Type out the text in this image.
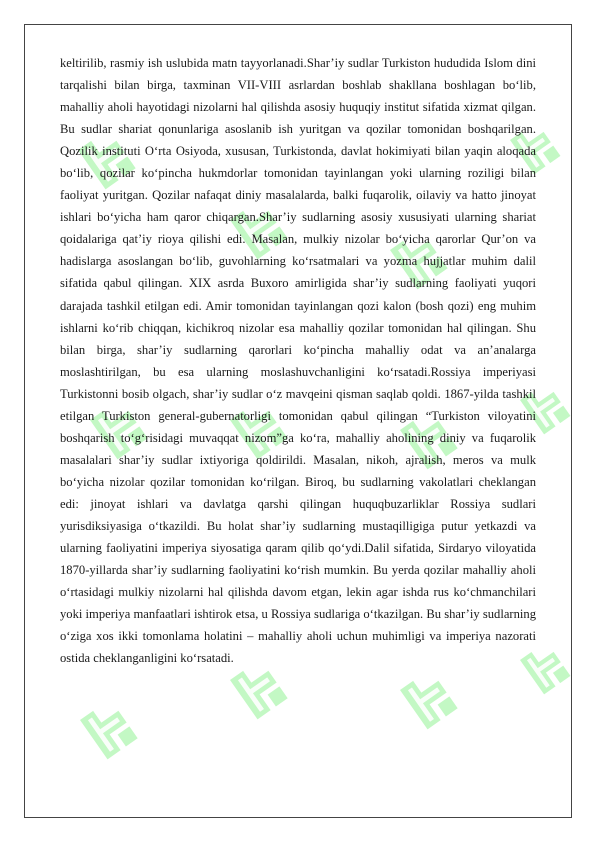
keltirilib, rasmiy ish uslubida matn tayyorlanadi.Shar’iy sudlar Turkiston hududida Islom dini tarqalishi bilan birga, taxminan VII-VIII asrlardan boshlab shakllana boshlagan bo‘lib, mahalliy aholi hayotidagi nizolarni hal qilishda asosiy huquqiy institut sifatida xizmat qilgan. Bu sudlar shariat qonunlariga asoslanib ish yuritgan va qozilar tomonidan boshqarilgan. Qozilik instituti O‘rta Osiyoda, xususan, Turkistonda, davlat hokimiyati bilan yaqin aloqada bo‘lib, qozilar ko‘pincha hukmdorlar tomonidan tayinlangan yoki ularning roziligi bilan faoliyat yuritgan. Qozilar nafaqat diniy masalalarda, balki fuqarolik, oilaviy va hatto jinoyat ishlari bo‘yicha ham qaror chiqargan.Shar’iy sudlarning asosiy xususiyati ularning shariat qoidalariga qat’iy rioya qilishi edi. Masalan, mulkiy nizolar bo‘yicha qarorlar Qur’on va hadislarga asoslangan bo‘lib, guvohlarning ko‘rsatmalari va yozma hujjatlar muhim dalil sifatida qabul qilingan. XIX asrda Buxoro amirligida shar’iy sudlarning faoliyati yuqori darajada tashkil etilgan edi. Amir tomonidan tayinlangan qozi kalon (bosh qozi) eng muhim ishlarni ko‘rib chiqqan, kichikroq nizolar esa mahalliy qozilar tomonidan hal qilingan. Shu bilan birga, shar’iy sudlarning qarorlari ko‘pincha mahalliy odat va an’analarga moslashtirilgan, bu esa ularning moslashuvchanligini ko‘rsatadi.Rossiya imperiyasi Turkistonni bosib olgach, shar’iy sudlar o‘z mavqeini qisman saqlab qoldi. 1867-yilda tashkil etilgan Turkiston general-gubernatorligi tomonidan qabul qilingan “Turkiston viloyatini boshqarish to‘g‘risidagi muvaqqat nizom”ga ko‘ra, mahalliy aholining diniy va fuqarolik masalalari shar’iy sudlar ixtiyoriga qoldirildi. Masalan, nikoh, ajralish, meros va mulk bo‘yicha nizolar qozilar tomonidan ko‘rilgan. Biroq, bu sudlarning vakolatlari cheklangan edi: jinoyat ishlari va davlatga qarshi qilingan huquqbuzarliklar Rossiya sudlari yurisdiksiyasiga o‘tkazildi. Bu holat shar’iy sudlarning mustaqilligiga putur yetkazdi va ularning faoliyatini imperiya siyosatiga qaram qilib qo‘ydi.Dalil sifatida, Sirdaryo viloyatida 1870-yillarda shar’iy sudlarning faoliyatini ko‘rish mumkin. Bu yerda qozilar mahalliy aholi o‘rtasidagi mulkiy nizolarni hal qilishda davom etgan, lekin agar ishda rus ko‘chmanchilari yoki imperiya manfaatlari ishtirok etsa, u Rossiya sudlariga o‘tkazilgan. Bu shar’iy sudlarning o‘ziga xos ikki tomonlama holatini – mahalliy aholi uchun muhimligi va imperiya nazorati ostida cheklanganligini ko‘rsatadi.
